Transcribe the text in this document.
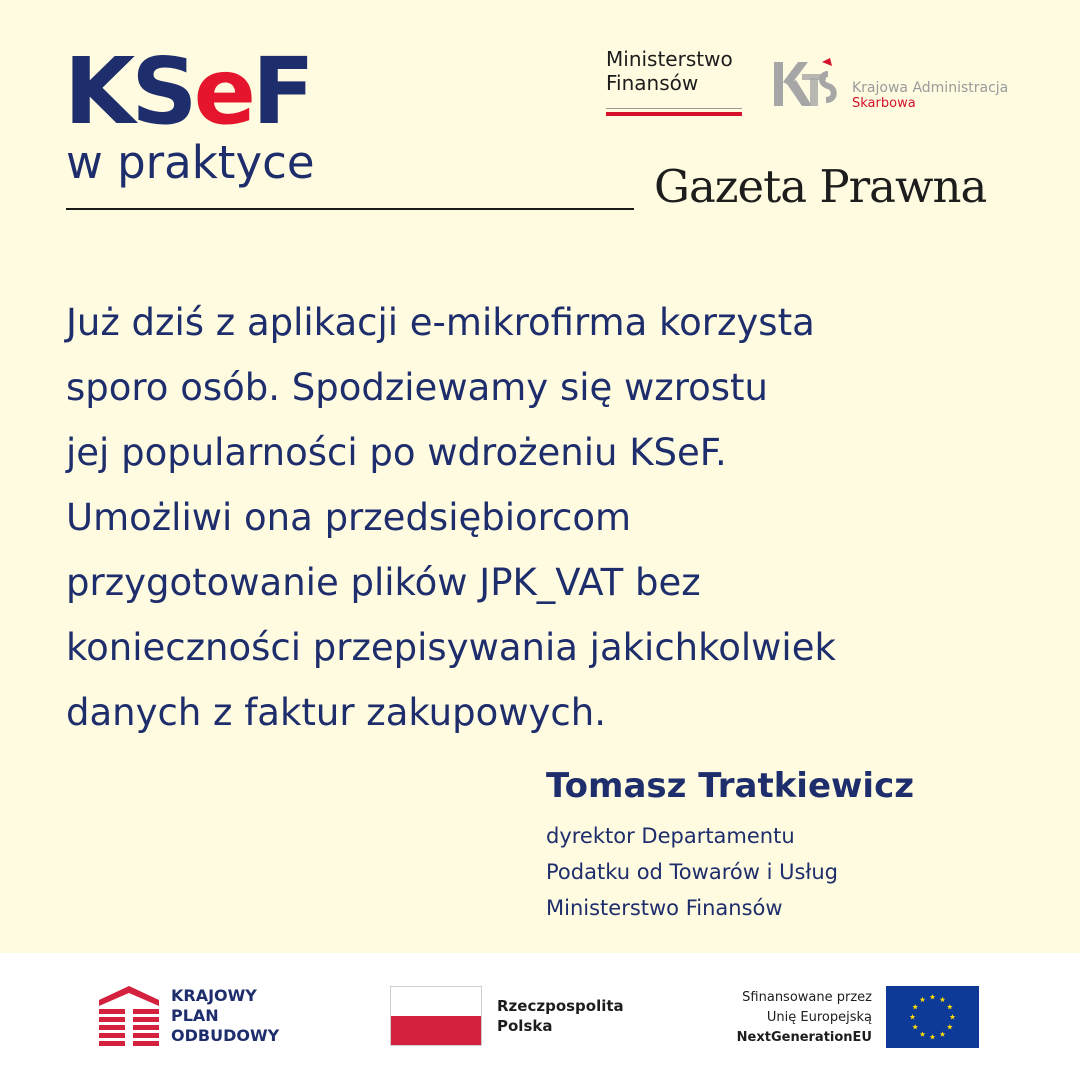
KSeF
w praktyce
Ministerstwo
Finansów	Krajowa Administracja
Skarbowa
Gazeta Prawna
Już dziś z aplikacji e-mikrofirma korzysta
sporo osób. Spodziewamy się wzrostu
jej popularności po wdrożeniu KSeF.
Umożliwi ona przedsiębiorcom
przygotowanie plików JPK_VAT bez
konieczności przepisywania jakichkolwiek
danych z faktur zakupowych.
Tomasz Tratkiewicz
dyrektor Departamentu
Podatku od Towarów i Usług
Ministerstwo Finansów
KRAJOWY
PLAN
ODBUDOWY
Rzeczpospolita
Polska
Sfinansowane przez
Unię Europejską
NextGenerationEU
